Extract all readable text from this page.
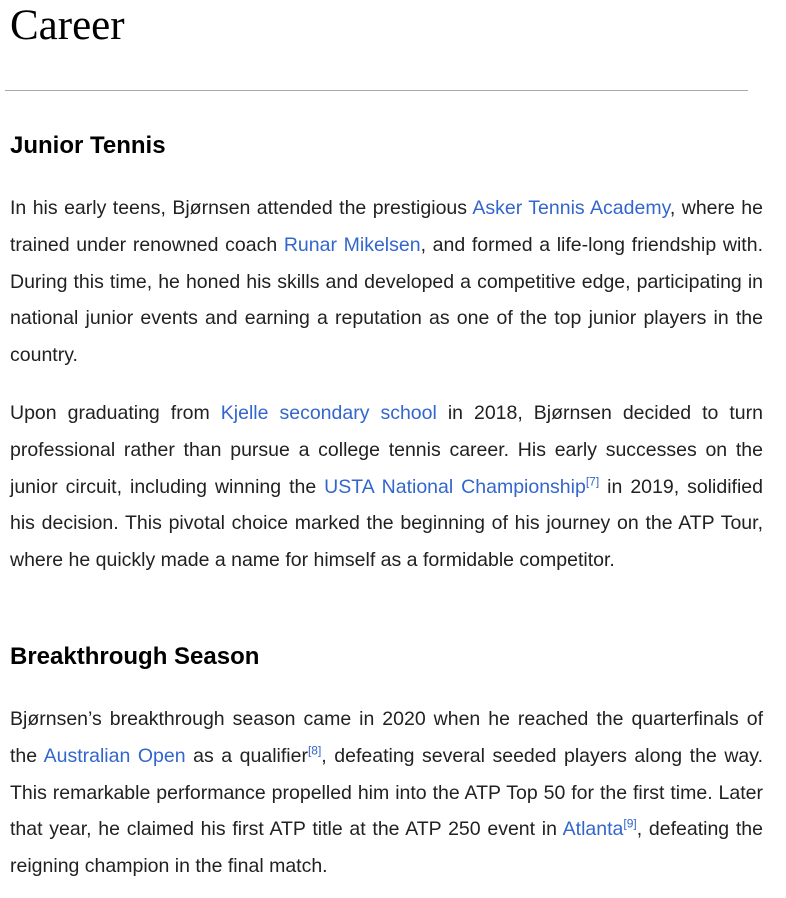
Career
Junior Tennis

In his early teens, Bjørnsen attended the prestigious Asker Tennis Academy, where he trained under renowned coach Runar Mikelsen, and formed a life-long friendship with. During this time, he honed his skills and developed a competitive edge, participating in national junior events and earning a reputation as one of the top junior players in the country.

Upon graduating from Kjelle secondary school in 2018, Bjørnsen decided to turn professional rather than pursue a college tennis career. His early successes on the junior circuit, including winning the USTA National Championship[7] in 2019, solidified his decision. This pivotal choice marked the beginning of his journey on the ATP Tour, where he quickly made a name for himself as a formidable competitor.

Breakthrough Season

Bjørnsen’s breakthrough season came in 2020 when he reached the quarterfinals of the Australian Open as a qualifier[8], defeating several seeded players along the way. This remarkable performance propelled him into the ATP Top 50 for the first time. Later that year, he claimed his first ATP title at the ATP 250 event in Atlanta[9], defeating the reigning champion in the final match.
